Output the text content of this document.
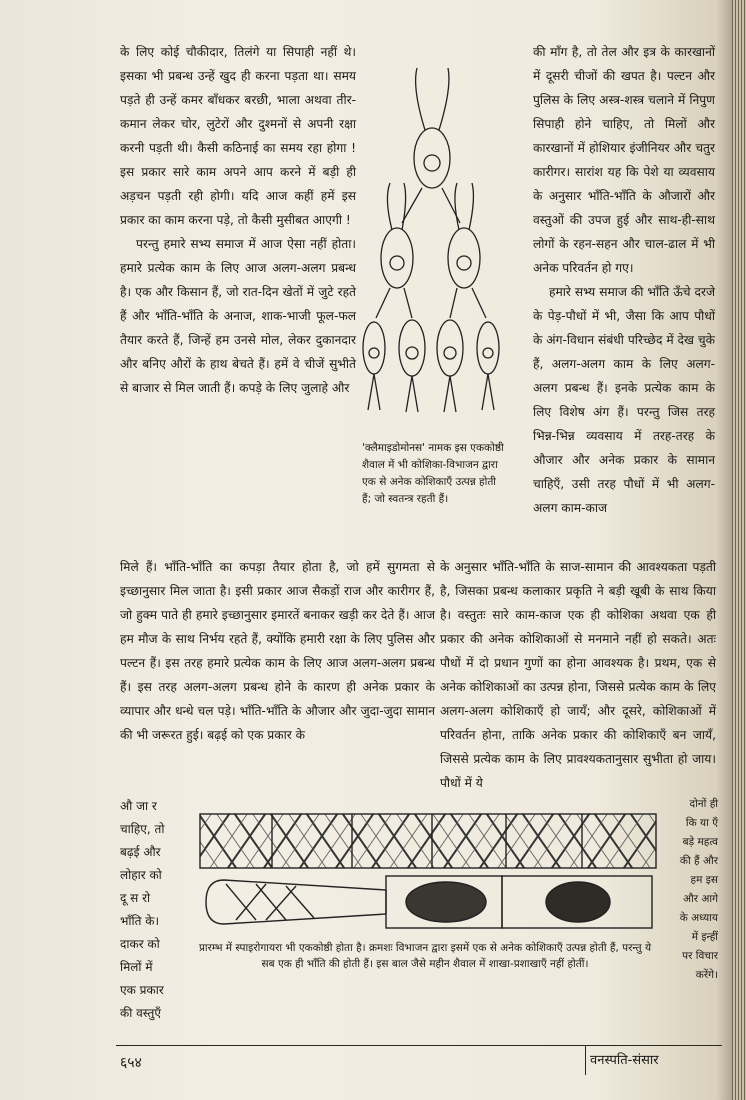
के लिए कोई चौकीदार, तिलंगे या सिपाही नहीं थे। इसका भी प्रबन्ध उन्हें खुद ही करना पड़ता था। समय पड़ते ही उन्हें कमर बाँधकर बरछी, भाला अथवा तीर-कमान लेकर चोर, लुटेरों और दुश्मनों से अपनी रक्षा करनी पड़ती थी। कैसी कठिनाई का समय रहा होगा ! इस प्रकार सारे काम अपने आप करने में बड़ी ही अड़चन पड़ती रही होगी। यदि आज कहीं हमें इस प्रकार का काम करना पड़े, तो कैसी मुसीबत आएगी !

परन्तु हमारे सभ्य समाज में आज ऐसा नहीं होता। हमारे प्रत्येक काम के लिए आज अलग-अलग प्रबन्ध है। एक और किसान हैं, जो रात-दिन खेतों में जुटे रहते हैं और भाँति-भाँति के अनाज, शाक-भाजी फूल-फल तैयार करते हैं, जिन्हें हम उनसे मोल, लेकर दुकानदार और बनिए औरों के हाथ बेचते हैं। हमें वे चीजें सुभीते से बाजार से मिल जाती हैं। कपड़े के लिए जुलाहे और

'क्लैमाइडोमोनस' नामक इस एककोष्ठी शैवाल में भी कोशिका-विभाजन द्वारा एक से अनेक कोशिकाएँ उत्पन्न होती हैं; जो स्वतन्त्र रहती हैं।

की माँग है, तो तेल और इत्र के कारखानों में दूसरी चीजों की खपत है। पल्टन और पुलिस के लिए अस्त्र-शस्त्र चलाने में निपुण सिपाही होने चाहिए, तो मिलों और कारखानों में होशियार इंजीनियर और चतुर कारीगर। सारांश यह कि पेशे या व्यवसाय के अनुसार भाँति-भाँति के औजारों और वस्तुओं की उपज हुई और साथ-ही-साथ लोगों के रहन-सहन और चाल-ढाल में भी अनेक परिवर्तन हो गए।

हमारे सभ्य समाज की भाँति ऊँचे दरजे के पेड़-पौधों में भी, जैसा कि आप पौधों के अंग-विधान संबंधी परिच्छेद में देख चुके हैं, अलग-अलग काम के लिए अलग-अलग प्रबन्ध हैं। इनके प्रत्येक काम के लिए विशेष अंग हैं। परन्तु जिस तरह भिन्न-भिन्न व्यवसाय में तरह-तरह के औजार और अनेक प्रकार के सामान चाहिएँ, उसी तरह पौधों में भी अलग-अलग काम-काज

मिले हैं। भाँति-भाँति का कपड़ा तैयार होता है, जो हमें सुगमता से इच्छानुसार मिल जाता है। इसी प्रकार आज सैकड़ों राज और कारीगर हैं, जो हुक्म पाते ही हमारे इच्छानुसार इमारतें बनाकर खड़ी कर देते हैं। आज हम मौज के साथ निर्भय रहते हैं, क्योंकि हमारी रक्षा के लिए पुलिस और पल्टन हैं। इस तरह हमारे प्रत्येक काम के लिए आज अलग-अलग प्रबन्ध हैं। इस तरह अलग-अलग प्रबन्ध होने के कारण ही अनेक प्रकार के व्यापार और धन्धे चल पड़े। भाँति-भाँति के औजार और जुदा-जुदा सामान की भी जरूरत हुई। बढ़ई को एक प्रकार के
के अनुसार भाँति-भाँति के साज-सामान की आवश्यकता पड़ती है, जिसका प्रबन्ध कलाकार प्रकृति ने बड़ी खूबी के साथ किया है। वस्तुतः सारे काम-काज एक ही कोशिका अथवा एक ही प्रकार की अनेक कोशिकाओं से मनमाने नहीं हो सकते। अतः पौधों में दो प्रधान गुणों का होना आवश्यक है। प्रथम, एक से अनेक कोशिकाओं का उत्पन्न होना, जिससे प्रत्येक काम के लिए अलग-अलग कोशिकाएँ हो जायँ; और दूसरे, कोशिकाओं में परिवर्तन होना, ताकि अनेक प्रकार की कोशिकाएँ बन जायँ, जिससे प्रत्येक काम के लिए प्रावश्यकतानुसार सुभीता हो जाय। पौधों में ये
औ जा र
चाहिए, तो
बढ़ई और
लोहार को
दू स रो
भाँति के।
दाकर को
मिलों में
एक प्रकार
की वस्तुएँ
दोनों ही
कि या एँ
बड़े महत्व
की हैं और
हम इस
और आगे
के अध्याय
में इन्हीं
पर विचार
करेंगे।
प्रारम्भ में स्पाइरोगायरा भी एककोष्ठी होता है। क्रमशः विभाजन द्वारा इसमें एक से अनेक कोशिकाएँ उत्पन्न होती हैं, परन्तु ये सब एक ही भाँति की होती हैं। इस बाल जैसे महीन शैवाल में शाखा-प्रशाखाएँ नहीं होतीं।
६५४	वनस्पति-संसार
